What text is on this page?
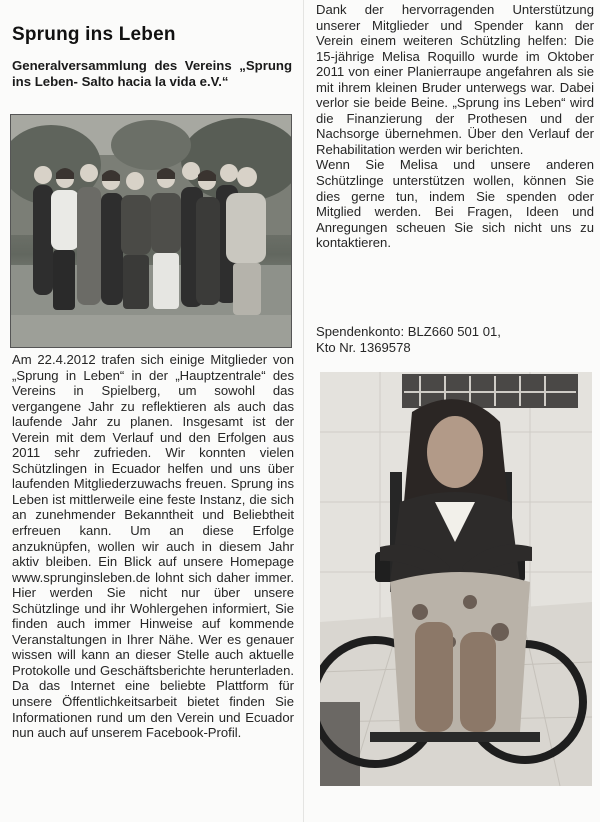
Sprung ins Leben
Generalversammlung des Vereins „Sprung ins Leben- Salto hacia la vida e.V.“

Am 22.4.2012 trafen sich einige Mitglieder von „Sprung in Leben“ in der „Hauptzentrale“ des Vereins in Spielberg, um sowohl das vergangene Jahr zu reflektieren als auch das laufende Jahr zu planen. Insgesamt ist der Verein mit dem Verlauf und den Erfolgen aus 2011 sehr zufrieden. Wir konnten vielen Schützlingen in Ecuador helfen und uns über laufenden Mitgliederzuwachs freuen. Sprung ins Leben ist mittlerweile eine feste Instanz, die sich an zunehmender Bekanntheit und Beliebtheit erfreuen kann. Um an diese Erfolge anzuknüpfen, wollen wir auch in diesem Jahr aktiv bleiben. Ein Blick auf unsere Homepage www.sprunginsleben.de lohnt sich daher immer. Hier werden Sie nicht nur über unsere Schützlinge und ihr Wohlergehen informiert, Sie finden auch immer Hinweise auf kommende Veranstaltungen in Ihrer Nähe. Wer es genauer wissen will kann an dieser Stelle auch aktuelle Protokolle und Geschäftsberichte herunterladen. Da das Internet eine beliebte Plattform für unsere Öffentlichkeitsarbeit bietet finden Sie Informationen rund um den Verein und Ecuador nun auch auf unserem Facebook-Profil.

Dank der hervorragenden Unterstützung unserer Mitglieder und Spender kann der Verein einem weiteren Schützling helfen: Die 15-jährige Melisa Roquillo wurde im Oktober 2011 von einer Planierraupe angefahren als sie mit ihrem kleinen Bruder unterwegs war. Dabei verlor sie beide Beine. „Sprung ins Leben“ wird die Finanzierung der Prothesen und der Nachsorge übernehmen. Über den Verlauf der Rehabilitation werden wir berichten.

Wenn Sie Melisa und unsere anderen Schützlinge unterstützen wollen, können Sie dies gerne tun, indem Sie spenden oder Mitglied werden. Bei Fragen, Ideen und Anregungen scheuen Sie sich nicht uns zu kontaktieren.

Spendenkonto: BLZ660 501 01,
Kto Nr. 1369578
